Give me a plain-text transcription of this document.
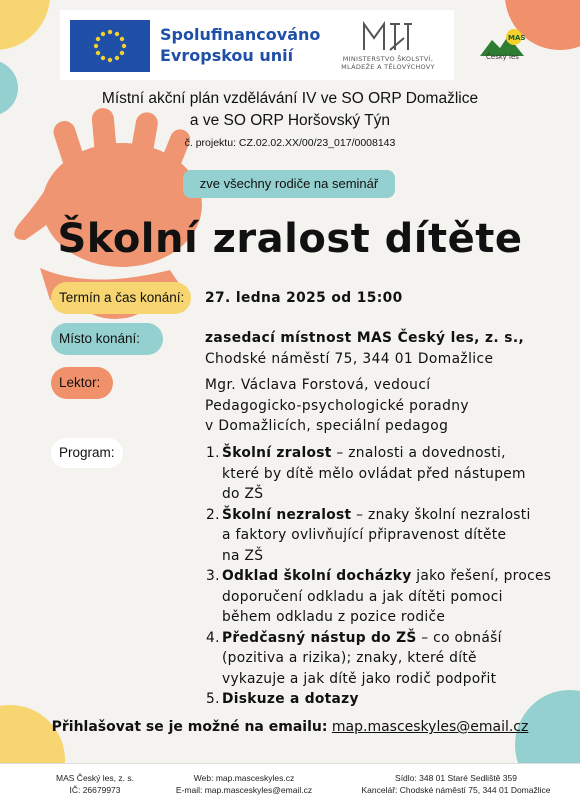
Spolufinancováno
Evropskou unií	MINISTERSTVO ŠKOLSTVÍ,
MLÁDEŽE A TĚLOVÝCHOVY
MAS
Český les
Místní akční plán vzdělávání IV ve SO ORP Domažlice
a ve SO ORP Horšovský Týn
č. projektu: CZ.02.02.XX/00/23_017/0008143
zve všechny rodiče na seminář
Školní zralost dítěte
Termín a čas konání:	27. ledna 2025 od 15:00
Místo konání:	zasedací místnost MAS Český les, z. s.,
Chodské náměstí 75, 344 01 Domažlice
Lektor:	Mgr. Václava Forstová, vedoucí
Pedagogicko-psychologické poradny
v Domažlicích, speciální pedagog
Program:	1. Školní zralost – znalosti a dovednosti,
které by dítě mělo ovládat před nástupem
do ZŠ
2. Školní nezralost – znaky školní nezralosti
a faktory ovlivňující připravenost dítěte
na ZŠ
3. Odklad školní docházky jako řešení, proces
doporučení odkladu a jak dítěti pomoci
během odkladu z pozice rodiče
4. Předčasný nástup do ZŠ – co obnáší
(pozitiva a rizika); znaky, které dítě
vykazuje a jak dítě jako rodič podpořit
5. Diskuze a dotazy
Přihlašovat se je možné na emailu: map.masceskyles@email.cz
MAS Český les, z. s.
IČ: 26679973
Web: map.masceskyles.cz
E-mail: map.masceskyles@email.cz
Sídlo: 348 01 Staré Sedliště 359
Kancelář: Chodské náměstí 75, 344 01 Domažlice
